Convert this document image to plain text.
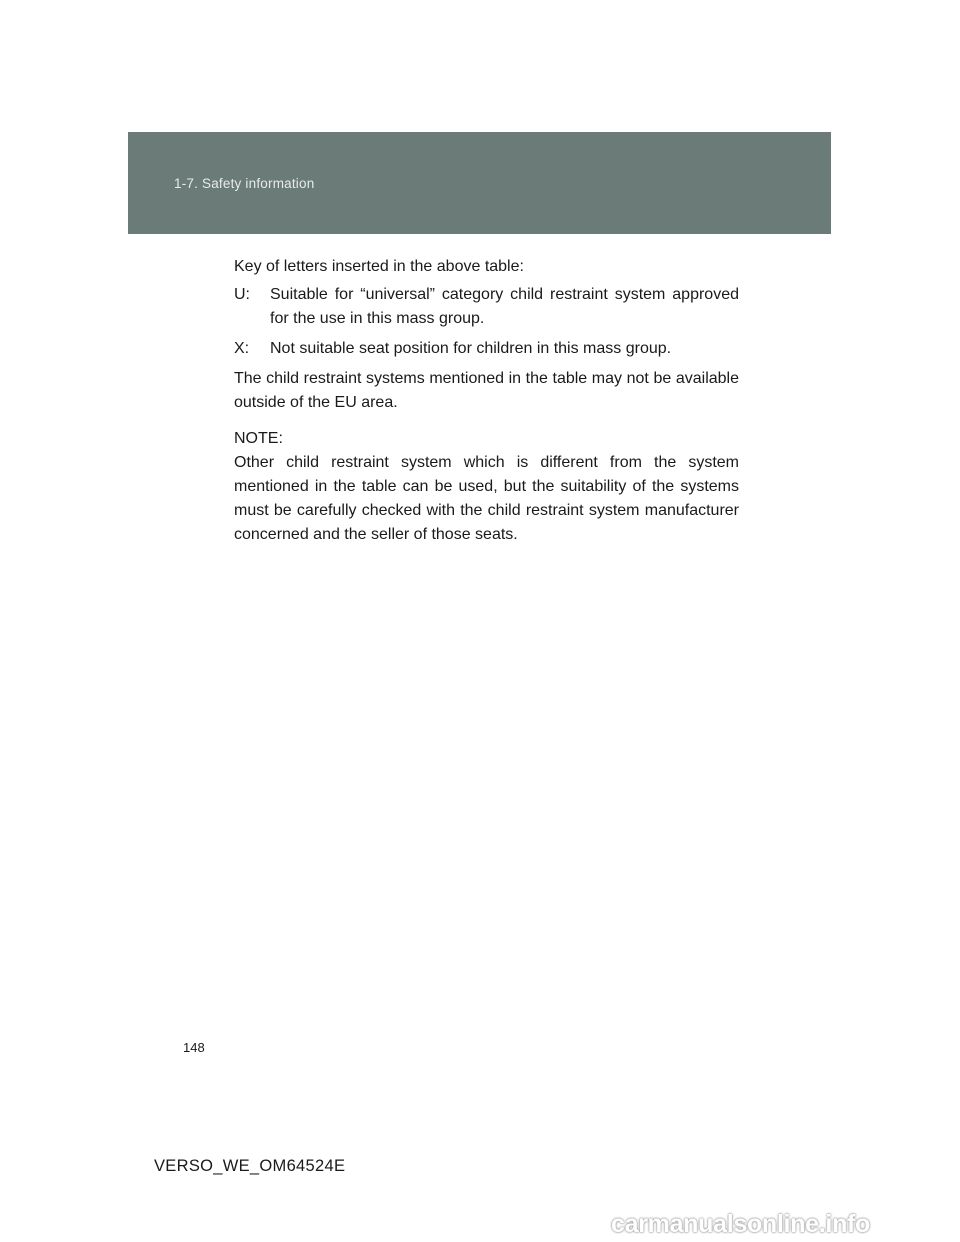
1-7. Safety information

Key of letters inserted in the above table:

U: Suitable for “universal” category child restraint system approved for the use in this mass group.
X: Not suitable seat position for children in this mass group.

The child restraint systems mentioned in the table may not be available outside of the EU area.

NOTE:

Other child restraint system which is different from the system mentioned in the table can be used, but the suitability of the systems must be carefully checked with the child restraint system manufacturer concerned and the seller of those seats.

148
VERSO_WE_OM64524E
carmanualsonline.info
